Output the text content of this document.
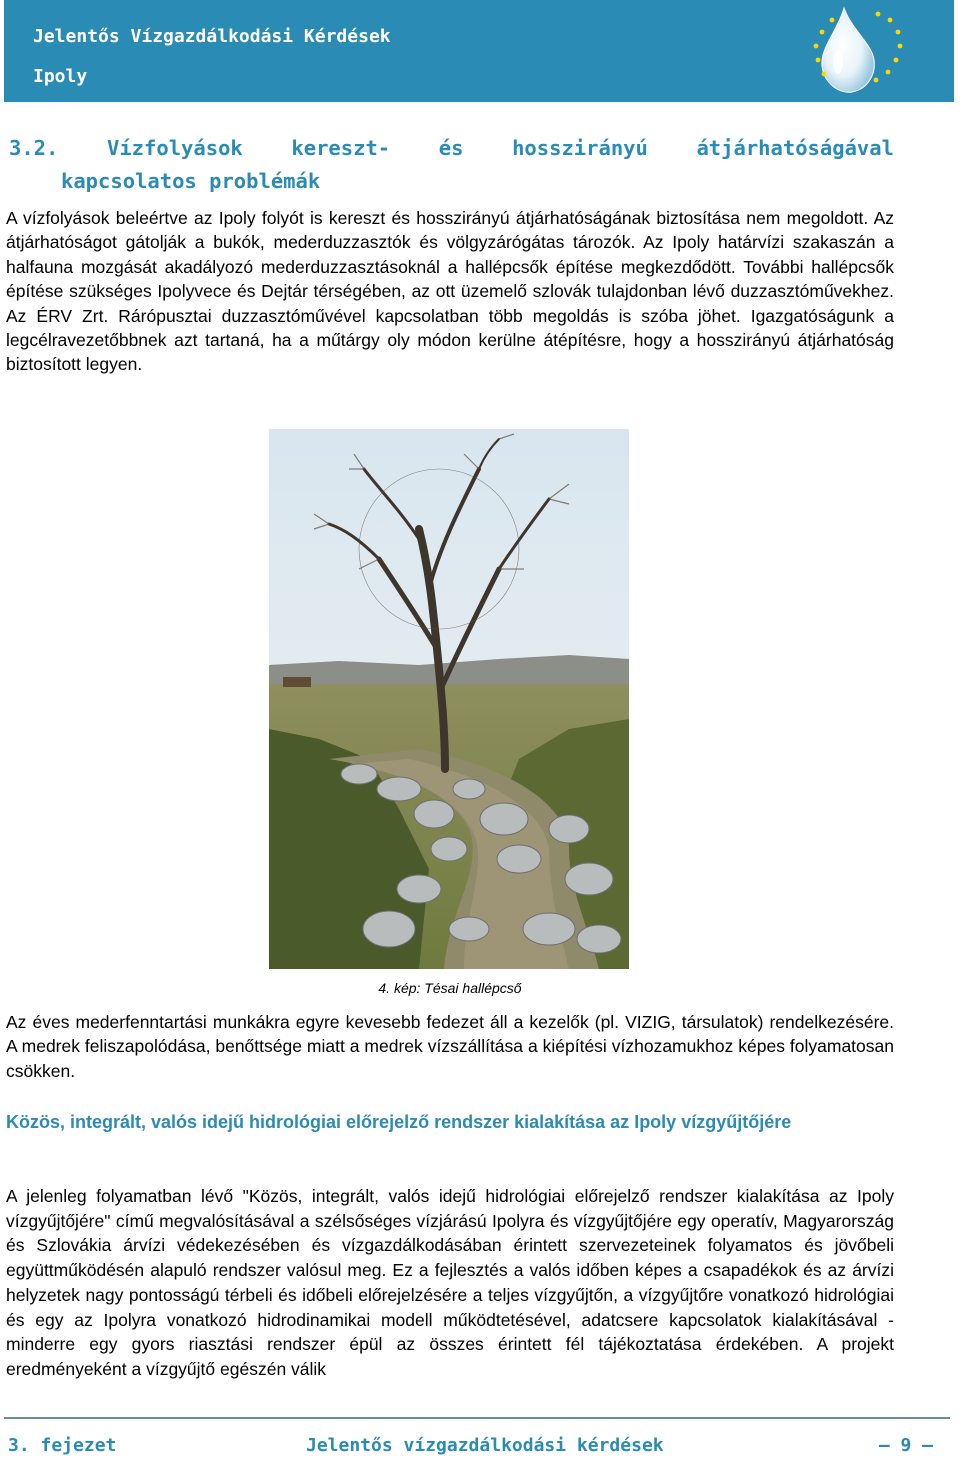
Jelentős Vízgazdálkodási Kérdések
Ipoly
3.2. Vízfolyások kereszt- és hosszirányú átjárhatóságával
kapcsolatos problémák
A vízfolyások beleértve az Ipoly folyót is kereszt és hosszirányú átjárhatóságának biztosítása nem megoldott. Az átjárhatóságot gátolják a bukók, mederduzzasztók és völgyzárógátas tározók. Az Ipoly határvízi szakaszán a halfauna mozgását akadályozó mederduzzasztásoknál a hallépcsők építése megkezdődött. További hallépcsők építése szükséges Ipolyvece és Dejtár térségében, az ott üzemelő szlovák tulajdonban lévő duzzasztóművekhez. Az ÉRV Zrt. Rárópusztai duzzasztóművével kapcsolatban több megoldás is szóba jöhet. Igazgatóságunk a legcélravezetőbbnek azt tartaná, ha a műtárgy oly módon kerülne átépítésre, hogy a hosszirányú átjárhatóság biztosított legyen.
4. kép: Tésai hallépcső
Az éves mederfenntartási munkákra egyre kevesebb fedezet áll a kezelők (pl. VIZIG, társulatok) rendelkezésére. A medrek feliszapolódása, benőttsége miatt a medrek vízszállítása a kiépítési vízhozamukhoz képes folyamatosan csökken.
Közös, integrált, valós idejű hidrológiai előrejelző rendszer kialakítása az Ipoly vízgyűjtőjére
A jelenleg folyamatban lévő "Közös, integrált, valós idejű hidrológiai előrejelző rendszer kialakítása az Ipoly vízgyűjtőjére" című megvalósításával a szélsőséges vízjárású Ipolyra és vízgyűjtőjére egy operatív, Magyarország és Szlovákia árvízi védekezésében és vízgazdálkodásában érintett szervezeteinek folyamatos és jövőbeli együttműködésén alapuló rendszer valósul meg. Ez a fejlesztés a valós időben képes a csapadékok és az árvízi helyzetek nagy pontosságú térbeli és időbeli előrejelzésére a teljes vízgyűjtőn, a vízgyűjtőre vonatkozó hidrológiai és egy az Ipolyra vonatkozó hidrodinamikai modell működtetésével, adatcsere kapcsolatok kialakításával - minderre egy gyors riasztási rendszer épül az összes érintett fél tájékoztatása érdekében. A projekt eredményeként a vízgyűjtő egészén válik
3. fejezet	Jelentős vízgazdálkodási kérdések	― 9 ―
